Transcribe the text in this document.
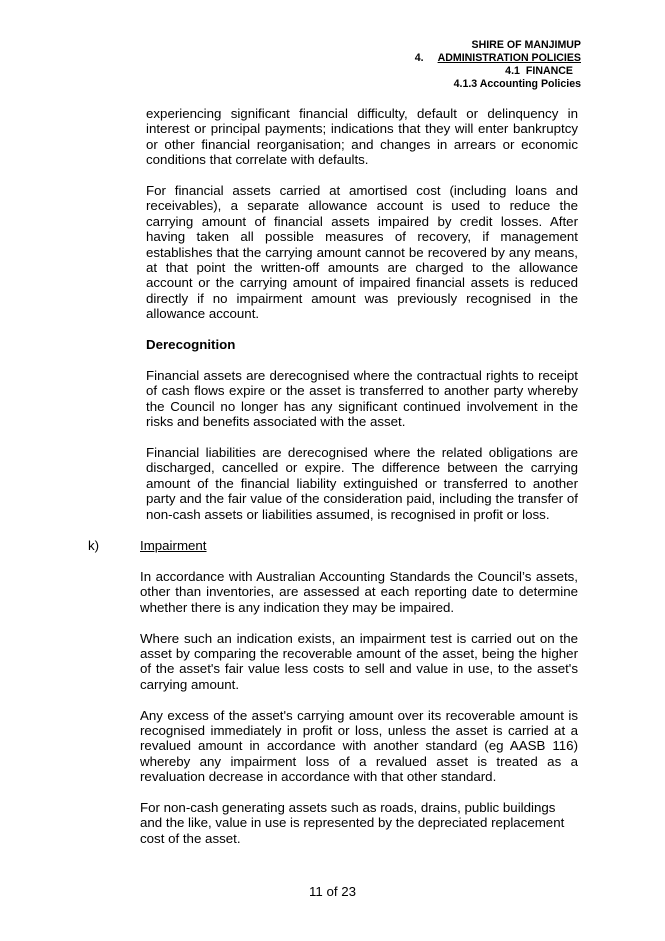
SHIRE OF MANJIMUP
4. ADMINISTRATION POLICIES
4.1 FINANCE
4.1.3 Accounting Policies

experiencing significant financial difficulty, default or delinquency in interest or principal payments; indications that they will enter bankruptcy or other financial reorganisation; and changes in arrears or economic conditions that correlate with defaults.

For financial assets carried at amortised cost (including loans and receivables), a separate allowance account is used to reduce the carrying amount of financial assets impaired by credit losses. After having taken all possible measures of recovery, if management establishes that the carrying amount cannot be recovered by any means, at that point the written-off amounts are charged to the allowance account or the carrying amount of impaired financial assets is reduced directly if no impairment amount was previously recognised in the allowance account.

Derecognition

Financial assets are derecognised where the contractual rights to receipt of cash flows expire or the asset is transferred to another party whereby the Council no longer has any significant continued involvement in the risks and benefits associated with the asset.

Financial liabilities are derecognised where the related obligations are discharged, cancelled or expire. The difference between the carrying amount of the financial liability extinguished or transferred to another party and the fair value of the consideration paid, including the transfer of non-cash assets or liabilities assumed, is recognised in profit or loss.

k)	Impairment

In accordance with Australian Accounting Standards the Council’s assets, other than inventories, are assessed at each reporting date to determine whether there is any indication they may be impaired.

Where such an indication exists, an impairment test is carried out on the asset by comparing the recoverable amount of the asset, being the higher of the asset's fair value less costs to sell and value in use, to the asset's carrying amount.

Any excess of the asset's carrying amount over its recoverable amount is recognised immediately in profit or loss, unless the asset is carried at a revalued amount in accordance with another standard (eg AASB 116) whereby any impairment loss of a revalued asset is treated as a revaluation decrease in accordance with that other standard.

For non-cash generating assets such as roads, drains, public buildings and the like, value in use is represented by the depreciated replacement cost of the asset.

11 of 23
